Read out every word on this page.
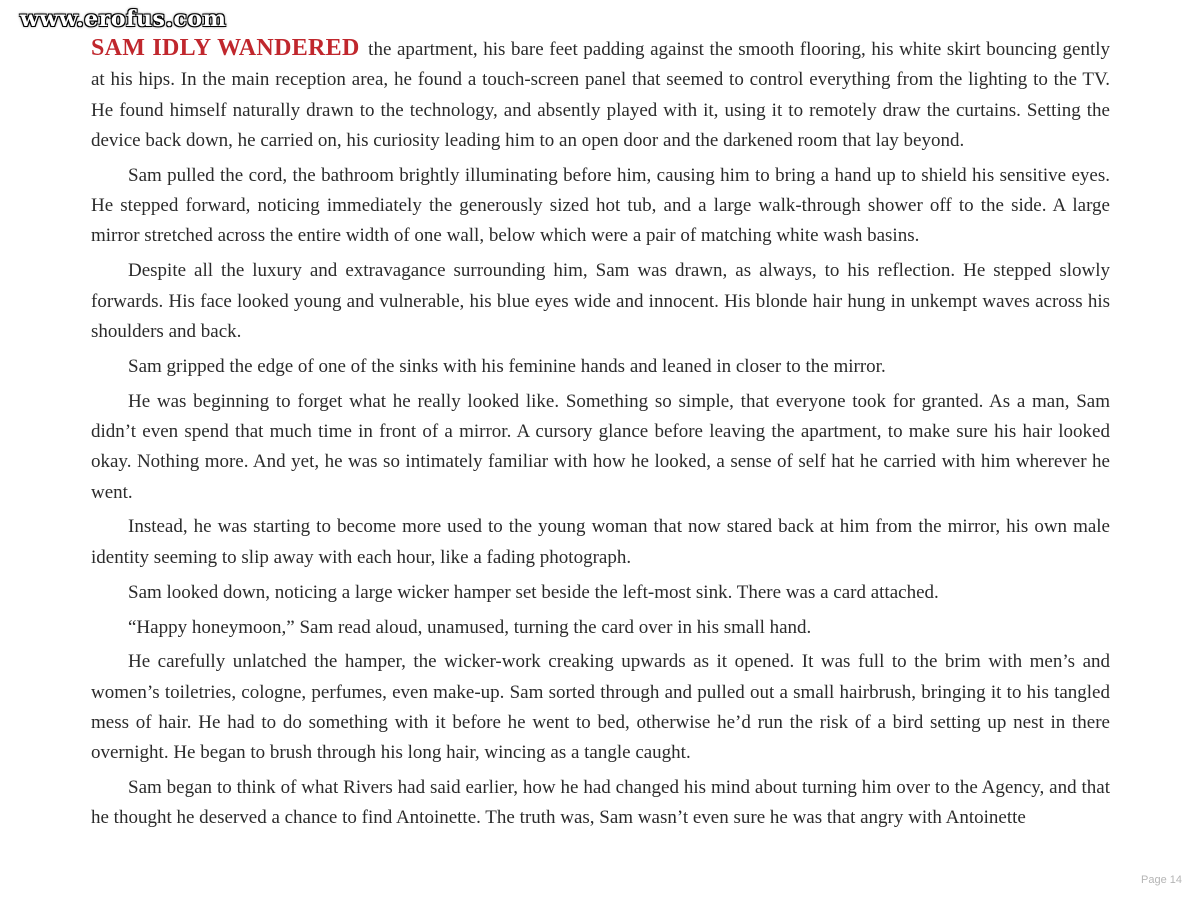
www.erofus.com

SAM IDLY WANDERED the apartment, his bare feet padding against the smooth flooring, his white skirt bouncing gently at his hips. In the main reception area, he found a touch-screen panel that seemed to control everything from the lighting to the TV. He found himself naturally drawn to the technology, and absently played with it, using it to remotely draw the curtains. Setting the device back down, he carried on, his curiosity leading him to an open door and the darkened room that lay beyond.

Sam pulled the cord, the bathroom brightly illuminating before him, causing him to bring a hand up to shield his sensitive eyes. He stepped forward, noticing immediately the generously sized hot tub, and a large walk-through shower off to the side. A large mirror stretched across the entire width of one wall, below which were a pair of matching white wash basins.

Despite all the luxury and extravagance surrounding him, Sam was drawn, as always, to his reflection. He stepped slowly forwards. His face looked young and vulnerable, his blue eyes wide and innocent. His blonde hair hung in unkempt waves across his shoulders and back.

Sam gripped the edge of one of the sinks with his feminine hands and leaned in closer to the mirror.

He was beginning to forget what he really looked like. Something so simple, that everyone took for granted. As a man, Sam didn’t even spend that much time in front of a mirror. A cursory glance before leaving the apartment, to make sure his hair looked okay. Nothing more. And yet, he was so intimately familiar with how he looked, a sense of self hat he carried with him wherever he went.

Instead, he was starting to become more used to the young woman that now stared back at him from the mirror, his own male identity seeming to slip away with each hour, like a fading photograph.

Sam looked down, noticing a large wicker hamper set beside the left-most sink. There was a card attached.

“Happy honeymoon,” Sam read aloud, unamused, turning the card over in his small hand.

He carefully unlatched the hamper, the wicker-work creaking upwards as it opened. It was full to the brim with men’s and women’s toiletries, cologne, perfumes, even make-up. Sam sorted through and pulled out a small hairbrush, bringing it to his tangled mess of hair. He had to do something with it before he went to bed, otherwise he’d run the risk of a bird setting up nest in there overnight. He began to brush through his long hair, wincing as a tangle caught.

Sam began to think of what Rivers had said earlier, how he had changed his mind about turning him over to the Agency, and that he thought he deserved a chance to find Antoinette. The truth was, Sam wasn’t even sure he was that angry with Antoinette

Page 14
